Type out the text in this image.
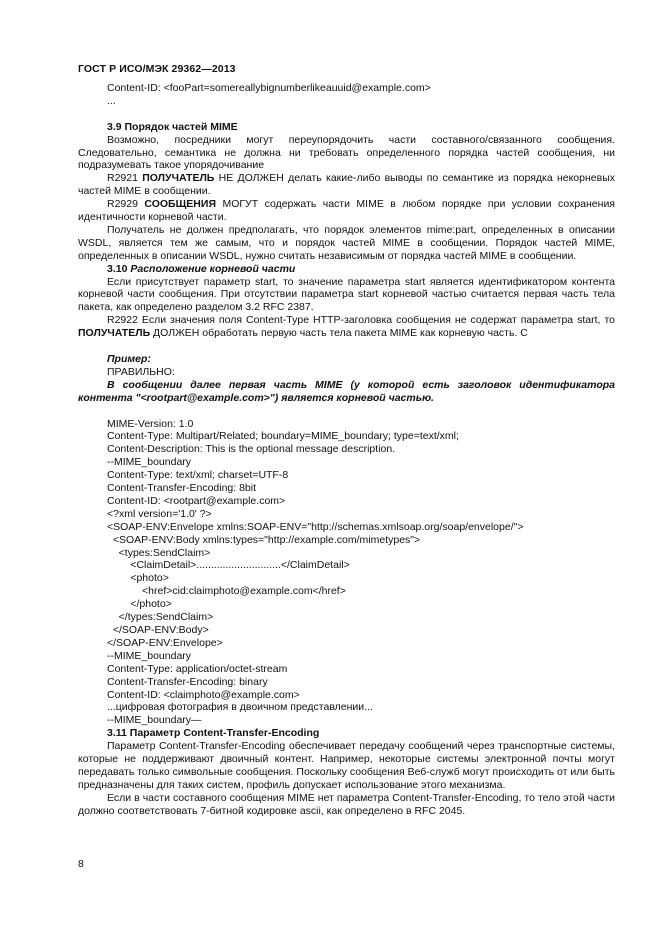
ГОСТ Р ИСО/МЭК 29362—2013
Content-ID: <fooPart=somereallybignumberlikeauuid@example.com>
...
3.9 Порядок частей MIME
Возможно, посредники могут переупорядочить части составного/связанного сообщения. Следовательно, семантика не должна ни требовать определенного порядка частей сообщения, ни подразумевать такое упорядочивание
R2921 ПОЛУЧАТЕЛЬ НЕ ДОЛЖЕН делать какие-либо выводы по семантике из порядка некорневых частей MIME в сообщении.
R2929 СООБЩЕНИЯ МОГУТ содержать части MIME в любом порядке при условии сохранения идентичности корневой части.
Получатель не должен предполагать, что порядок элементов mime:part, определенных в описании WSDL, является тем же самым, что и порядок частей MIME в сообщении. Порядок частей MIME, определенных в описании WSDL, нужно считать независимым от порядка частей MIME в сообщении.
3.10 Расположение корневой части
Если присутствует параметр start, то значение параметра start является идентификатором контента корневой части сообщения. При отсутствии параметра start корневой частью считается первая часть тела пакета, как определено разделом 3.2 RFC 2387.
R2922 Если значения поля Content-Type HTTP-заголовка сообщения не содержат параметра start, то ПОЛУЧАТЕЛЬ ДОЛЖЕН обработать первую часть тела пакета MIME как корневую часть. С
Пример:
ПРАВИЛЬНО:
В сообщении далее первая часть MIME (у которой есть заголовок идентификатора контента "<rootpart@example.com>") является корневой частью.
MIME-Version: 1.0
Content-Type: Multipart/Related; boundary=MIME_boundary; type=text/xml;
Content-Description: This is the optional message description.
--MIME_boundary
Content-Type: text/xml; charset=UTF-8
Content-Transfer-Encoding: 8bit
Content-ID: <rootpart@example.com>
<?xml version='1.0' ?>
<SOAP-ENV:Envelope xmlns:SOAP-ENV="http://schemas.xmlsoap.org/soap/envelope/">
<SOAP-ENV:Body xmlns:types="http://example.com/mimetypes">
<types:SendClaim>
<ClaimDetail>.............................</ClaimDetail>
<photo>
<href>cid:claimphoto@example.com</href>
</photo>
</types:SendClaim>
</SOAP-ENV:Body>
</SOAP-ENV:Envelope>
--MIME_boundary
Content-Type: application/octet-stream
Content-Transfer-Encoding: binary
Content-ID: <claimphoto@example.com>
...цифровая фотография в двоичном представлении...
--MIME_boundary—
3.11 Параметр Content-Transfer-Encoding
Параметр Content-Transfer-Encoding обеспечивает передачу сообщений через транспортные системы, которые не поддерживают двоичный контент. Например, некоторые системы электронной почты могут передавать только символьные сообщения. Поскольку сообщения Веб-служб могут происходить от или быть предназначены для таких систем, профиль допускает использование этого механизма.
Если в части составного сообщения MIME нет параметра Content-Transfer-Encoding, то тело этой части должно соответствовать 7-битной кодировке ascii, как определено в RFC 2045.
8
